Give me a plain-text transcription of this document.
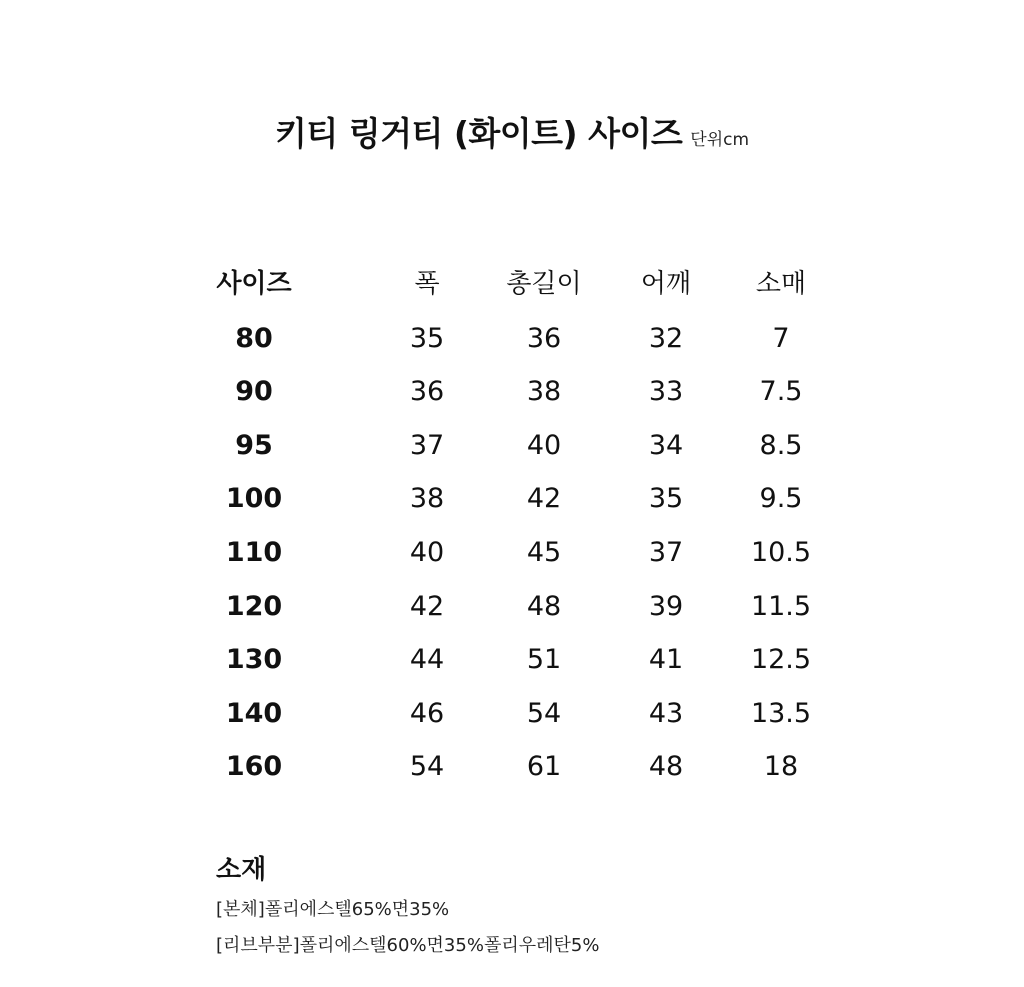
키티 링거티 (화이트) 사이즈 단위cm
사이즈	폭	총길이	어깨	소매
80	35	36	32	7
90	36	38	33	7.5
95	37	40	34	8.5
100	38	42	35	9.5
110	40	45	37	10.5
120	42	48	39	11.5
130	44	51	41	12.5
140	46	54	43	13.5
160	54	61	48	18
소재
[본체]폴리에스텔65%면35%
[리브부분]폴리에스텔60%면35%폴리우레탄5%
